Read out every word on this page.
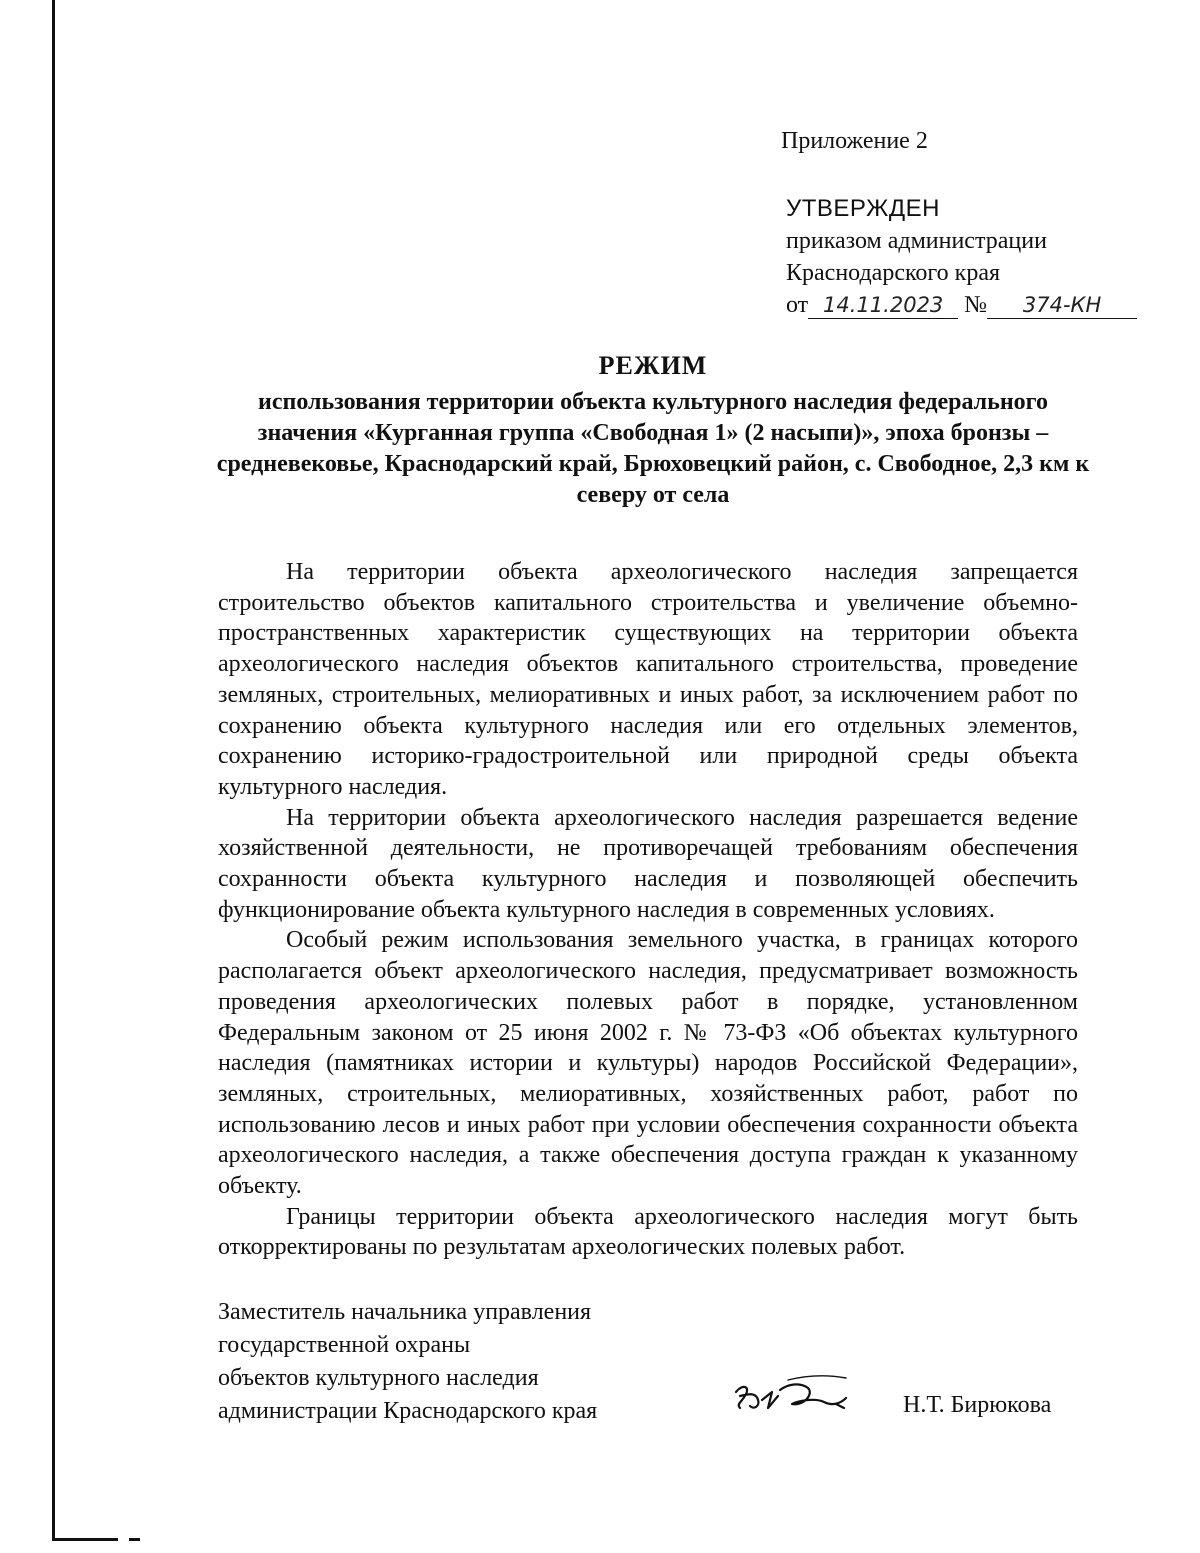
Приложение 2
УТВЕРЖДЕН
приказом администрации
Краснодарского края
от 14.11.2023 № 374-КН
РЕЖИМ
использования территории объекта культурного наследия федерального значения «Курганная группа «Свободная 1» (2 насыпи)», эпоха бронзы – средневековье, Краснодарский край, Брюховецкий район, с. Свободное, 2,3 км к северу от села

На территории объекта археологического наследия запрещается строительство объектов капитального строительства и увеличение объемно-пространственных характеристик существующих на территории объекта археологического наследия объектов капитального строительства, проведение земляных, строительных, мелиоративных и иных работ, за исключением работ по сохранению объекта культурного наследия или его отдельных элементов, сохранению историко-градостроительной или природной среды объекта культурного наследия.

На территории объекта археологического наследия разрешается ведение хозяйственной деятельности, не противоречащей требованиям обеспечения сохранности объекта культурного наследия и позволяющей обеспечить функционирование объекта культурного наследия в современных условиях.

Особый режим использования земельного участка, в границах которого располагается объект археологического наследия, предусматривает возможность проведения археологических полевых работ в порядке, установленном Федеральным законом от 25 июня 2002 г. № 73-ФЗ «Об объектах культурного наследия (памятниках истории и культуры) народов Российской Федерации», земляных, строительных, мелиоративных, хозяйственных работ, работ по использованию лесов и иных работ при условии обеспечения сохранности объекта археологического наследия, а также обеспечения доступа граждан к указанному объекту.

Границы территории объекта археологического наследия могут быть откорректированы по результатам археологических полевых работ.

Заместитель начальника управления
государственной охраны
объектов культурного наследия
администрации Краснодарского края	Н.Т. Бирюкова
